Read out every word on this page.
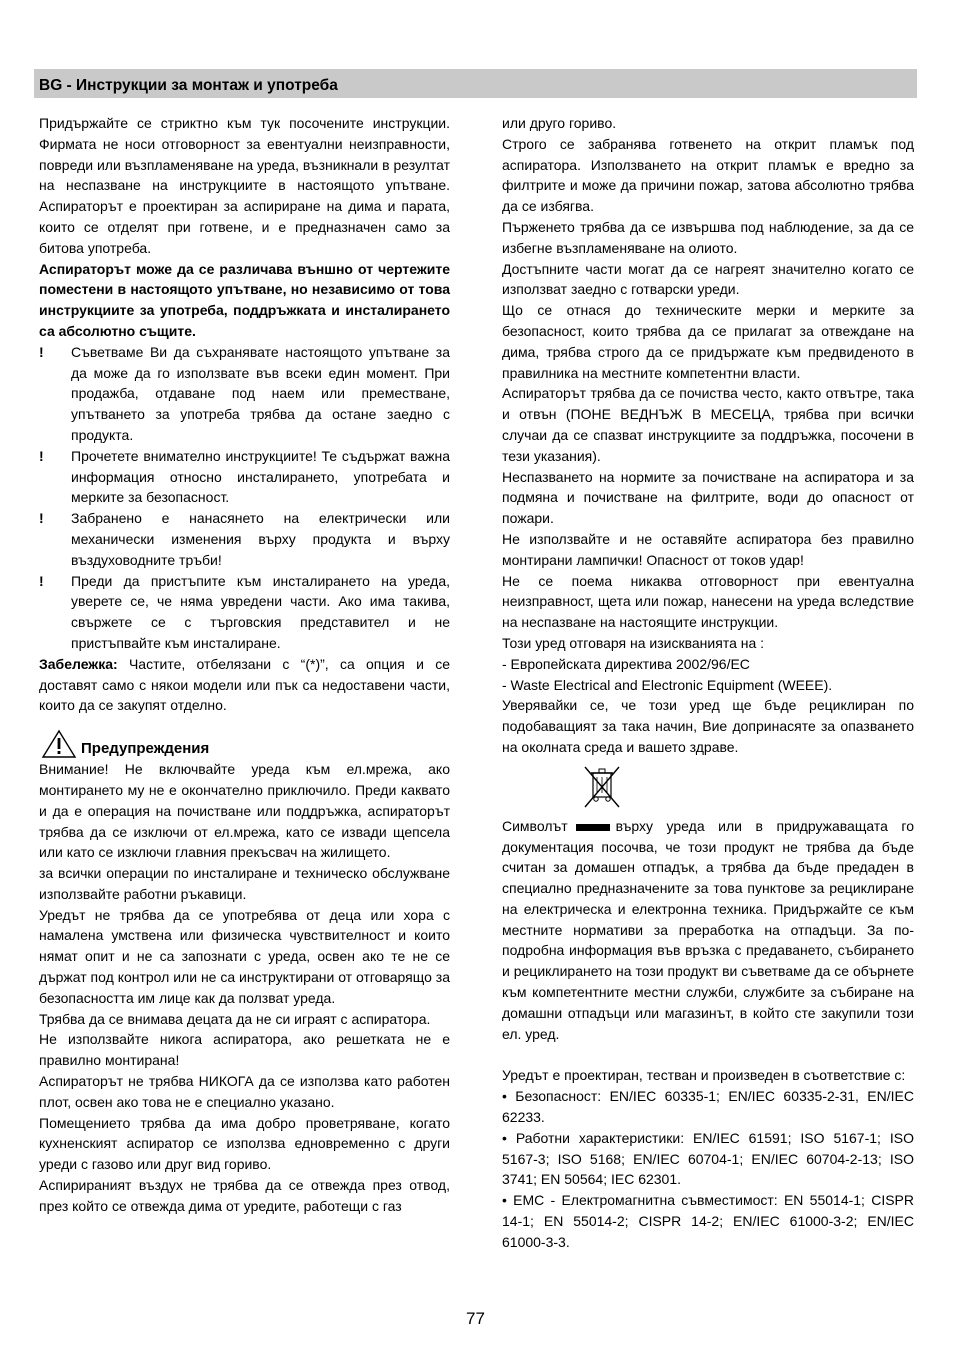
BG - Инструкции за монтаж и употреба

Придържайте се стриктно към тук посочените инструкции. Фирмата не носи отговорност за евентуални неизправности, повреди или възпламеняване на уреда, възникнали в резултат на неспазване на инструкциите в настоящото упътване. Аспираторът е проектиран за аспириране на дима и парата, които се отделят при готвене, и е предназначен само за битова употреба.

Аспираторът може да се различава външно от чертежите поместени в настоящото упътване, но независимо от това инструкциите за употреба, поддръжката и инсталирането са абсолютно същите.

! Съветваме Ви да съхранявате настоящото упътване за да може да го използвате във всеки един момент. При продажба, отдаване под наем или преместване, упътването за употреба трябва да остане заедно с продукта.
! Прочетете внимателно инструкциите! Те съдържат важна информация относно инсталирането, употребата и мерките за безопасност.
! Забранено е нанасянето на електрически или механически изменения върху продукта и върху въздуховодните тръби!
! Преди да пристъпите към инсталирането на уреда, уверете се, че няма увредени части. Ако има такива, свържете се с търговския представител и не пристъпвайте към инсталиране.

Забележка: Частите, отбелязани с “(*)”, са опция и се доставят само с някои модели или пък са недоставени части, които да се закупят отделно.

Предупреждения

Внимание! Не включвайте уреда към ел.мрежа, ако монтирането му не е окончателно приключило. Преди каквато и да е операция на почистване или поддръжка, аспираторът трябва да се изключи от ел.мрежа, като се извади щепсела или като се изключи главния прекъсвач на жилището.

за всички операции по инсталиране и техническо обслужване използвайте работни ръкавици.

Уредът не трябва да се употребява от деца или хора с намалена умствена или физическа чувствителност и които нямат опит и не са запознати с уреда, освен ако те не се държат под контрол или не са инструктирани от отговарящо за безопасността им лице как да ползват уреда.

Трябва да се внимава децата да не си играят с аспиратора.

Не използвайте никога аспиратора, ако решетката не е правилно монтирана!

Аспираторът не трябва НИКОГА да се използва като работен плот, освен ако това не е специално указано.

Помещението трябва да има добро проветряване, когато кухненският аспиратор се използва едновременно с други уреди с газово или друг вид гориво.

Аспирираният въздух не трябва да се отвежда през отвод, през който се отвежда дима от уредите, работещи с газ

или друго гориво.

Строго се забранява готвенето на открит пламък под аспиратора. Използването на открит пламък е вредно за филтрите и може да причини пожар, затова абсолютно трябва да се избягва.

Пърженето трябва да се извършва под наблюдение, за да се избегне възпламеняване на олиото.

Достъпните части могат да се нагреят значително когато се използват заедно с готварски уреди.

Що се отнася до техническите мерки и мерките за безопасност, които трябва да се прилагат за отвеждане на дима, трябва строго да се придържате към предвиденото в правилника на местните компетентни власти.

Аспираторът трябва да се почиства често, както отвътре, така и отвън (ПОНЕ ВЕДНЪЖ В МЕСЕЦА, трябва при всички случаи да се спазват инструкциите за поддръжка, посочени в тези указания).

Неспазването на нормите за почистване на аспиратора и за подмяна и почистване на филтрите, води до опасност от пожари.

Не използвайте и не оставяйте аспиратора без правилно монтирани лампички! Опасност от токов удар!

Не се поема никаква отговорност при евентуална неизправност, щета или пожар, нанесени на уреда вследствие на неспазване на настоящите инструкции.

Този уред отговаря на изискванията на :

- Европейската директива 2002/96/ЕС

- Waste Electrical and Electronic Equipment (WEEE).

Уверявайки се, че този уред ще бъде рециклиран по подобаващият за така начин, Вие допринасяте за опазването на околната среда и вашето здраве.

Символът	върху уреда или в придружаващата го документация посочва, че този продукт не трябва да бъде считан за домашен отпадък, а трябва да бъде предаден в специално предназначените за това пунктове за рециклиране на електрическа и електронна техника. Придържайте се към местните нормативи за преработка на отпадъци. За по-подробна информация във връзка с предаването, събирането и рециклирането на този продукт ви съветваме да се обърнете към компетентните местни служби, службите за събиране на домашни отпадъци или магазинът, в който сте закупили този ел. уред.

Уредът е проектиран, тестван и произведен в съответствие с:

• Безопасност: EN/IEC 60335-1; EN/IEC 60335-2-31, EN/IEC 62233.

• Работни характеристики: EN/IEC 61591; ISO 5167-1; ISO 5167-3; ISO 5168; EN/IEC 60704-1; EN/IEC 60704-2-13; ISO 3741; EN 50564; IEC 62301.

• EMC - Електромагнитна съвместимост: EN 55014-1; CISPR 14-1; EN 55014-2; CISPR 14-2; EN/IEC 61000-3-2; EN/IEC 61000-3-3.

77
